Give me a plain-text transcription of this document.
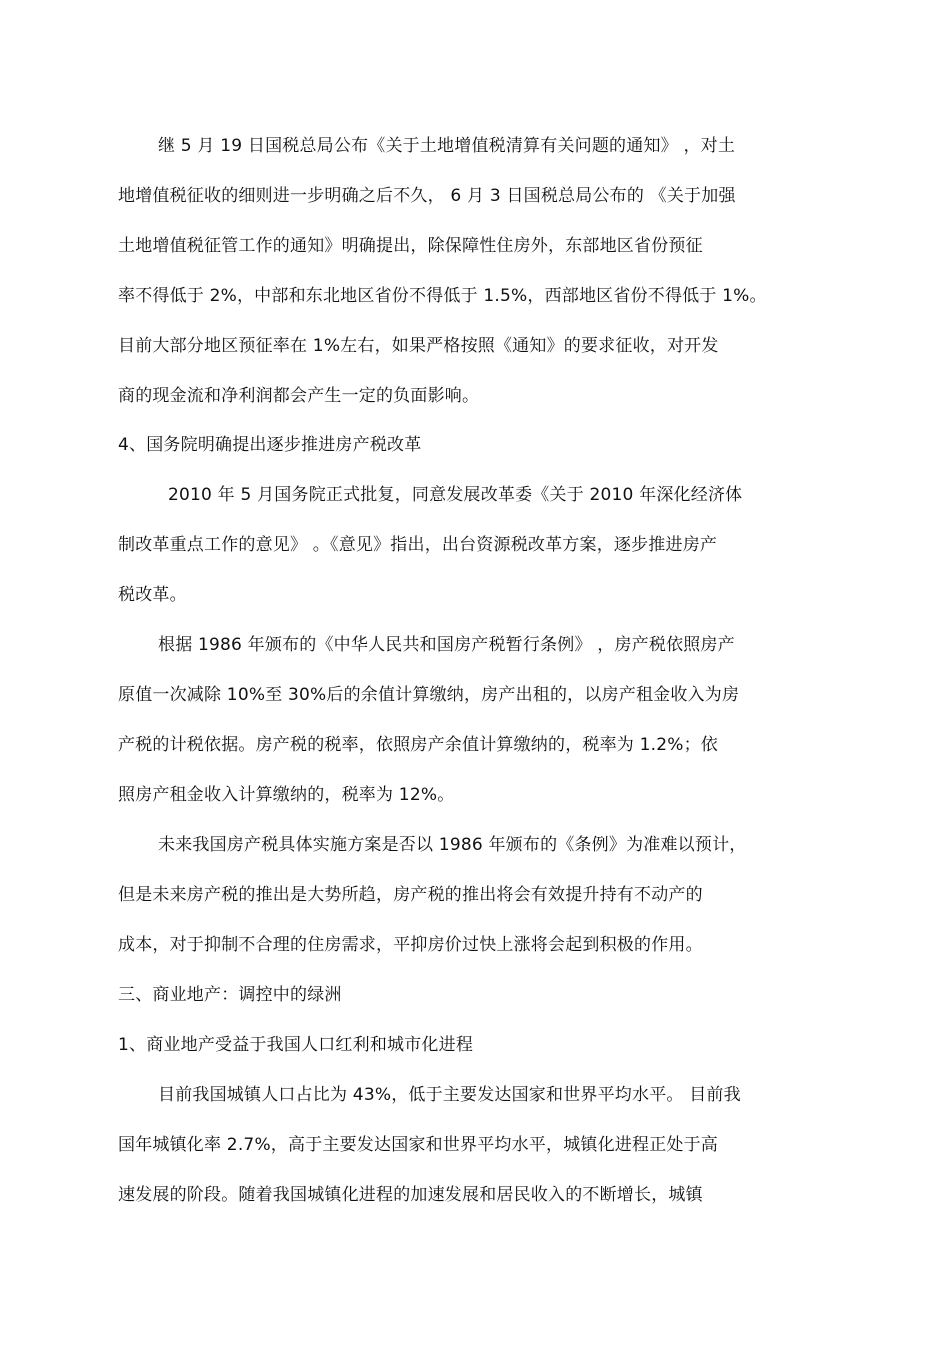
继 5 月 19 日国税总局公布《关于土地增值税清算有关问题的通知》 ，对土
地增值税征收的细则进一步明确之后不久， 6 月 3 日国税总局公布的 《关于加强
土地增值税征管工作的通知》明确提出，除保障性住房外，东部地区省份预征
率不得低于 2%，中部和东北地区省份不得低于 1.5%，西部地区省份不得低于 1%。
目前大部分地区预征率在 1%左右，如果严格按照《通知》的要求征收，对开发
商的现金流和净利润都会产生一定的负面影响。
4、国务院明确提出逐步推进房产税改革
2010 年 5 月国务院正式批复，同意发展改革委《关于 2010 年深化经济体
制改革重点工作的意见》 。《意见》指出，出台资源税改革方案，逐步推进房产
税改革。
根据 1986 年颁布的《中华人民共和国房产税暂行条例》 ，房产税依照房产
原值一次减除 10%至 30%后的余值计算缴纳，房产出租的，以房产租金收入为房
产税的计税依据。房产税的税率，依照房产余值计算缴纳的，税率为 1.2%；依
照房产租金收入计算缴纳的，税率为 12%。
未来我国房产税具体实施方案是否以 1986 年颁布的《条例》为准难以预计，
但是未来房产税的推出是大势所趋，房产税的推出将会有效提升持有不动产的
成本，对于抑制不合理的住房需求，平抑房价过快上涨将会起到积极的作用。
三、商业地产：调控中的绿洲
1、商业地产受益于我国人口红利和城市化进程
目前我国城镇人口占比为 43%，低于主要发达国家和世界平均水平。 目前我
国年城镇化率 2.7%，高于主要发达国家和世界平均水平，城镇化进程正处于高
速发展的阶段。随着我国城镇化进程的加速发展和居民收入的不断增长，城镇
